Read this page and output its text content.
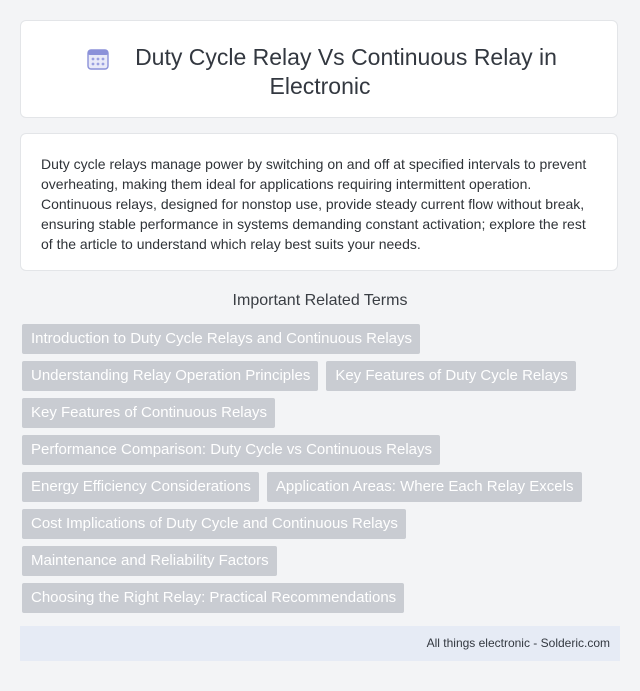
Duty Cycle Relay Vs Continuous Relay in
Electronic

Duty cycle relays manage power by switching on and off at specified intervals to prevent overheating, making them ideal for applications requiring intermittent operation. Continuous relays, designed for nonstop use, provide steady current flow without break, ensuring stable performance in systems demanding constant activation; explore the rest of the article to understand which relay best suits your needs.

Important Related Terms
Introduction to Duty Cycle Relays and Continuous Relays
Understanding Relay Operation Principles	Key Features of Duty Cycle Relays
Key Features of Continuous Relays
Performance Comparison: Duty Cycle vs Continuous Relays
Energy Efficiency Considerations	Application Areas: Where Each Relay Excels
Cost Implications of Duty Cycle and Continuous Relays
Maintenance and Reliability Factors
Choosing the Right Relay: Practical Recommendations
All things electronic - Solderic.com
